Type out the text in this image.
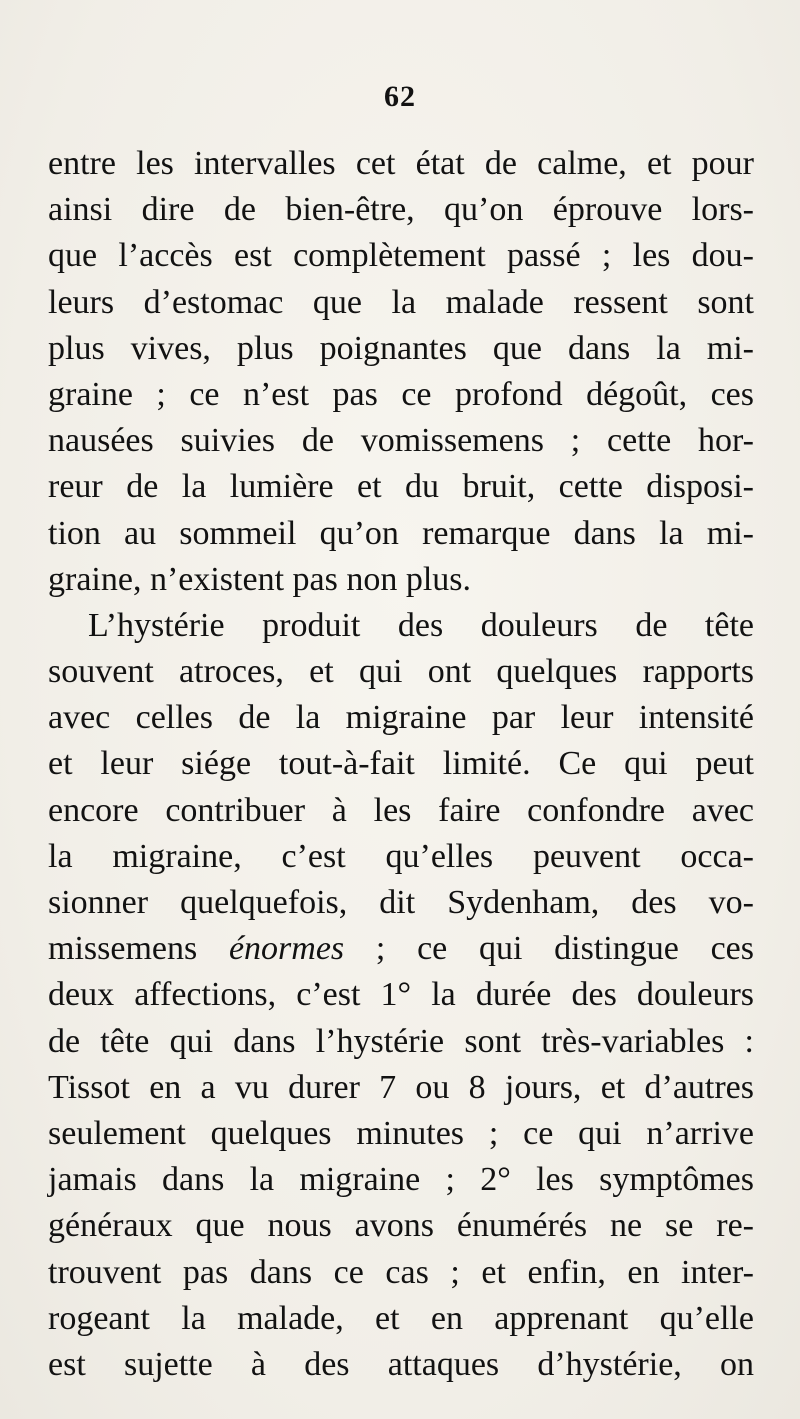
62
entre les intervalles cet état de calme, et pour
ainsi dire de bien-être, qu’on éprouve lors-
que l’accès est complètement passé ; les dou-
leurs d’estomac que la malade ressent sont
plus vives, plus poignantes que dans la mi-
graine ; ce n’est pas ce profond dégoût, ces
nausées suivies de vomissemens ; cette hor-
reur de la lumière et du bruit, cette disposi-
tion au sommeil qu’on remarque dans la mi-
graine, n’existent pas non plus.
L’hystérie produit des douleurs de tête
souvent atroces, et qui ont quelques rapports
avec celles de la migraine par leur intensité
et leur siége tout-à-fait limité. Ce qui peut
encore contribuer à les faire confondre avec
la migraine, c’est qu’elles peuvent occa-
sionner quelquefois, dit Sydenham, des vo-
missemens énormes ; ce qui distingue ces
deux affections, c’est 1° la durée des douleurs
de tête qui dans l’hystérie sont très-variables :
Tissot en a vu durer 7 ou 8 jours, et d’autres
seulement quelques minutes ; ce qui n’arrive
jamais dans la migraine ; 2° les symptômes
généraux que nous avons énumérés ne se re-
trouvent pas dans ce cas ; et enfin, en inter-
rogeant la malade, et en apprenant qu’elle
est sujette à des attaques d’hystérie, on
